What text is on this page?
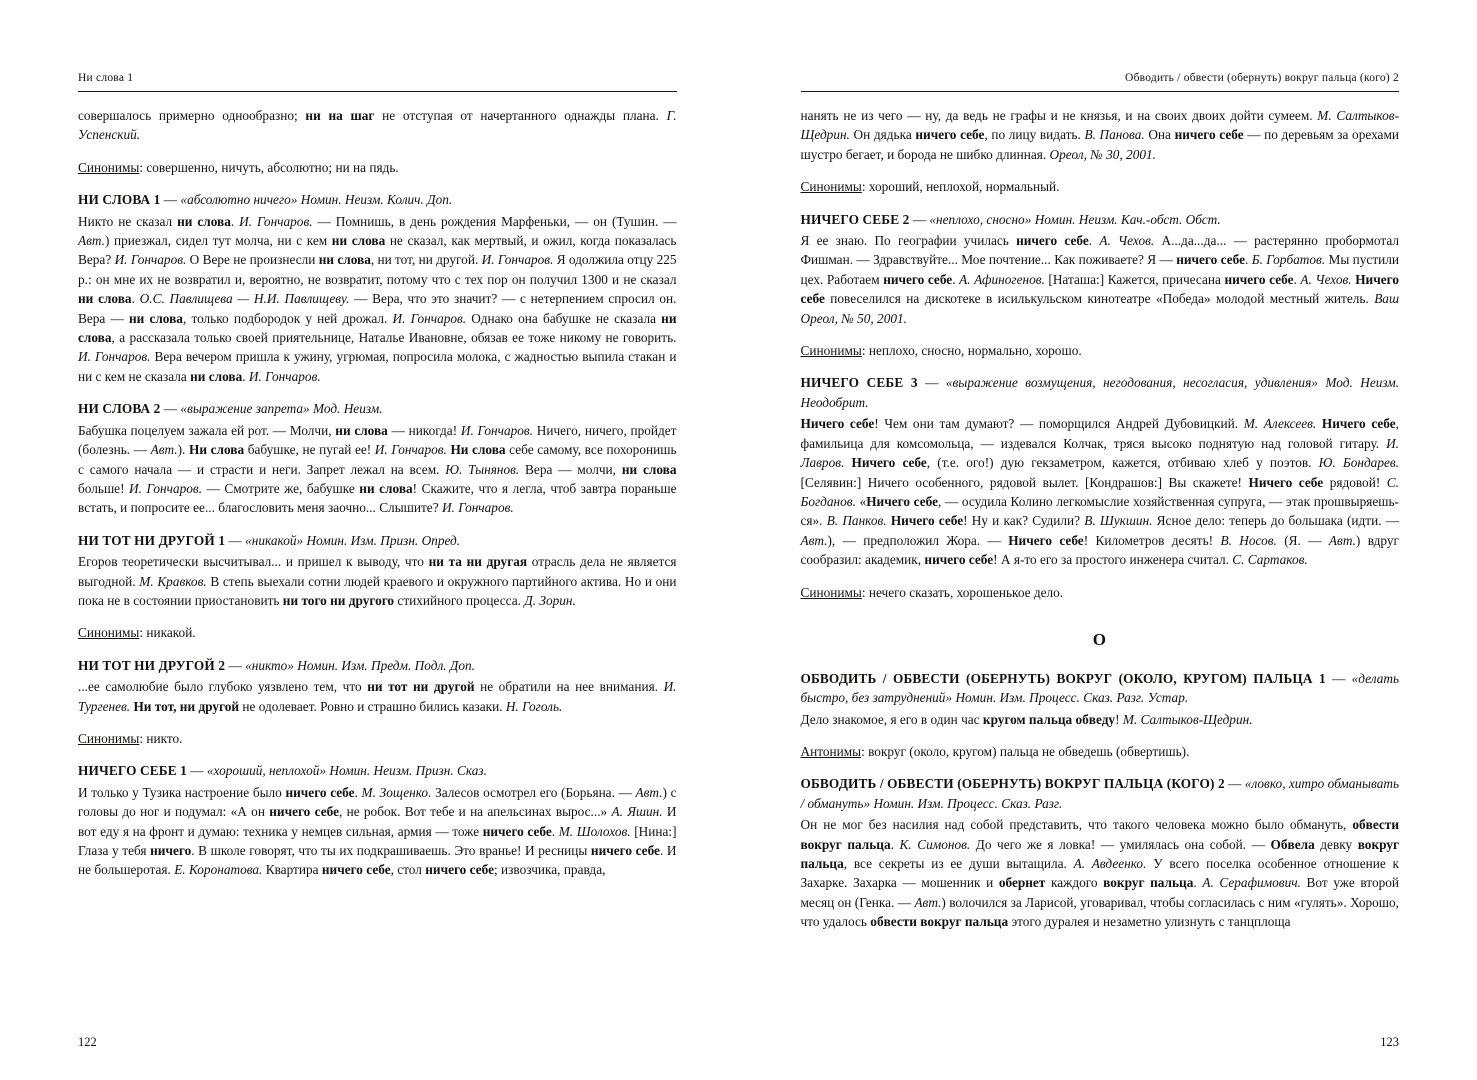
Ни слова 1

совершалось примерно однообразно; ни на шаг не отступая от начертанного однажды плана. Г. Успенский.

Синонимы: совершенно, ничуть, абсолютно; ни на пядь.

НИ СЛОВА 1 — «абсолютно ничего» Номин. Неизм. Колич. Доп.

Никто не сказал ни слова. И. Гончаров. — Помнишь, в день рождения Марфеньки, — он (Тушин. — Авт.) приезжал, сидел тут молча, ни с кем ни слова не сказал, как мертвый, и ожил, когда показалась Вера? И. Гончаров. О Вере не произнесли ни слова, ни тот, ни другой. И. Гончаров. Я одолжила отцу 225 р.: он мне их не возвратил и, вероятно, не возвратит, потому что с тех пор он получил 1300 и не сказал ни слова. О.С. Павлищева — Н.И. Павлищеву. — Вера, что это значит? — с нетерпением спросил он. Вера — ни слова, только подбородок у ней дрожал. И. Гончаров. Однако она бабушке не сказала ни слова, а рассказала только своей приятельнице, Наталье Ивановне, обязав ее тоже никому не говорить. И. Гончаров. Вера вечером пришла к ужину, угрюмая, попросила молока, с жадностью выпила стакан и ни с кем не сказала ни слова. И. Гончаров.

НИ СЛОВА 2 — «выражение запрета» Мод. Неизм.

Бабушка поцелуем зажала ей рот. — Молчи, ни слова — никогда! И. Гончаров. Ничего, ничего, пройдет (болезнь. — Авт.). Ни слова бабушке, не пугай ее! И. Гончаров. Ни слова себе самому, все похоронишь с самого начала — и страсти и неги. Запрет лежал на всем. Ю. Тынянов. Вера — молчи, ни слова больше! И. Гончаров. — Смотрите же, бабушке ни слова! Скажите, что я легла, чтоб завтра пораньше встать, и попросите ее... благословить меня заочно... Слышите? И. Гончаров.

НИ ТОТ НИ ДРУГОЙ 1 — «никакой» Номин. Изм. Призн. Опред.

Егоров теоретически высчитывал... и пришел к выводу, что ни та ни другая отрасль дела не является выгодной. М. Кравков. В степь выехали сотни людей краевого и окружного партийного актива. Но и они пока не в состоянии приостановить ни того ни другого стихийного процесса. Д. Зорин.

Синонимы: никакой.

НИ ТОТ НИ ДРУГОЙ 2 — «никто» Номин. Изм. Предм. Подл. Доп.

...ее самолюбие было глубоко уязвлено тем, что ни тот ни другой не обратили на нее внимания. И. Тургенев. Ни тот, ни другой не одолевает. Ровно и страшно бились казаки. Н. Гоголь.

Синонимы: никто.

НИЧЕГО СЕБЕ 1 — «хороший, неплохой» Номин. Неизм. Призн. Сказ.

И только у Тузика настроение было ничего себе. М. Зощенко. Залесов осмотрел его (Борьяна. — Авт.) с головы до ног и подумал: «А он ничего себе, не робок. Вот тебе и на апельсинах вырос...» А. Яшин. И вот еду я на фронт и думаю: техника у немцев сильная, армия — тоже ничего себе. М. Шолохов. [Нина:] Глаза у тебя ничего. В школе говорят, что ты их подкрашиваешь. Это вранье! И ресницы ничего себе. И не большеротая. Е. Коронатова. Квартира ничего себе, стол ничего себе; извозчика, правда,

122
Обводить / обвести (обернуть) вокруг пальца (кого) 2

нанять не из чего — ну, да ведь не графы и не князья, и на своих двоих дойти сумеем. М. Салтыков-Щедрин. Он дядька ничего себе, по лицу видать. В. Панова. Она ничего себе — по деревьям за орехами шустро бегает, и борода не шибко длинная. Ореол, № 30, 2001.

Синонимы: хороший, неплохой, нормальный.

НИЧЕГО СЕБЕ 2 — «неплохо, сносно» Номин. Неизм. Кач.-обст. Обст.

Я ее знаю. По географии училась ничего себе. А. Чехов. А...да...да... — растерянно пробормотал Фишман. — Здравствуйте... Мое почтение... Как поживаете? Я — ничего себе. Б. Горбатов. Мы пустили цех. Работаем ничего себе. А. Афиногенов. [Наташа:] Кажется, причесана ничего себе. А. Чехов. Ничего себе повеселился на дискотеке в исилькульском кинотеатре «Победа» молодой местный житель. Ваш Ореол, № 50, 2001.

Синонимы: неплохо, сносно, нормально, хорошо.

НИЧЕГО СЕБЕ 3 — «выражение возмущения, негодования, несогласия, удивления» Мод. Неизм. Неодобрит.

Ничего себе! Чем они там думают? — поморщился Андрей Дубовицкий. М. Алексеев. Ничего себе, фамильица для комсомольца, — издевался Колчак, тряся высоко поднятую над головой гитару. И. Лавров. Ничего себе, (т.е. ого!) дую гекзаметром, кажется, отбиваю хлеб у поэтов. Ю. Бондарев. [Селявин:] Ничего особенного, рядовой вылет. [Кондрашов:] Вы скажете! Ничего себе рядовой! С. Богданов. «Ничего себе, — осудила Колино легкомыслие хозяйственная супруга, — этак прошвыряешься». В. Панков. Ничего себе! Ну и как? Судили? В. Шукшин. Ясное дело: теперь до большака (идти. — Авт.), — предположил Жора. — Ничего себе! Километров десять! В. Носов. (Я. — Авт.) вдруг сообразил: академик, ничего себе! А я-то его за простого инженера считал. С. Сартаков.

Синонимы: нечего сказать, хорошенькое дело.

О

ОБВОДИТЬ / ОБВЕСТИ (ОБЕРНУТЬ) ВОКРУГ (ОКОЛО, КРУГОМ) ПАЛЬЦА 1 — «делать быстро, без затруднений» Номин. Изм. Процесс. Сказ. Разг. Устар.

Дело знакомое, я его в один час кругом пальца обведу! М. Салтыков-Щедрин.

Антонимы: вокруг (около, кругом) пальца не обведешь (обвертишь).

ОБВОДИТЬ / ОБВЕСТИ (ОБЕРНУТЬ) ВОКРУГ ПАЛЬЦА (КОГО) 2 — «ловко, хитро обманывать / обмануть» Номин. Изм. Процесс. Сказ. Разг.

Он не мог без насилия над собой представить, что такого человека можно было обмануть, обвести вокруг пальца. К. Симонов. До чего же я ловка! — умилялась она собой. — Обвела девку вокруг пальца, все секреты из ее души вытащила. А. Авдеенко. У всего поселка особенное отношение к Захарке. Захарка — мошенник и обернет каждого вокруг пальца. А. Серафимович. Вот уже второй месяц он (Генка. — Авт.) волочился за Ларисой, уговаривал, чтобы согласилась с ним «гулять». Хорошо, что удалось обвести вокруг пальца этого дуралея и незаметно улизнуть с танцплоща

123
